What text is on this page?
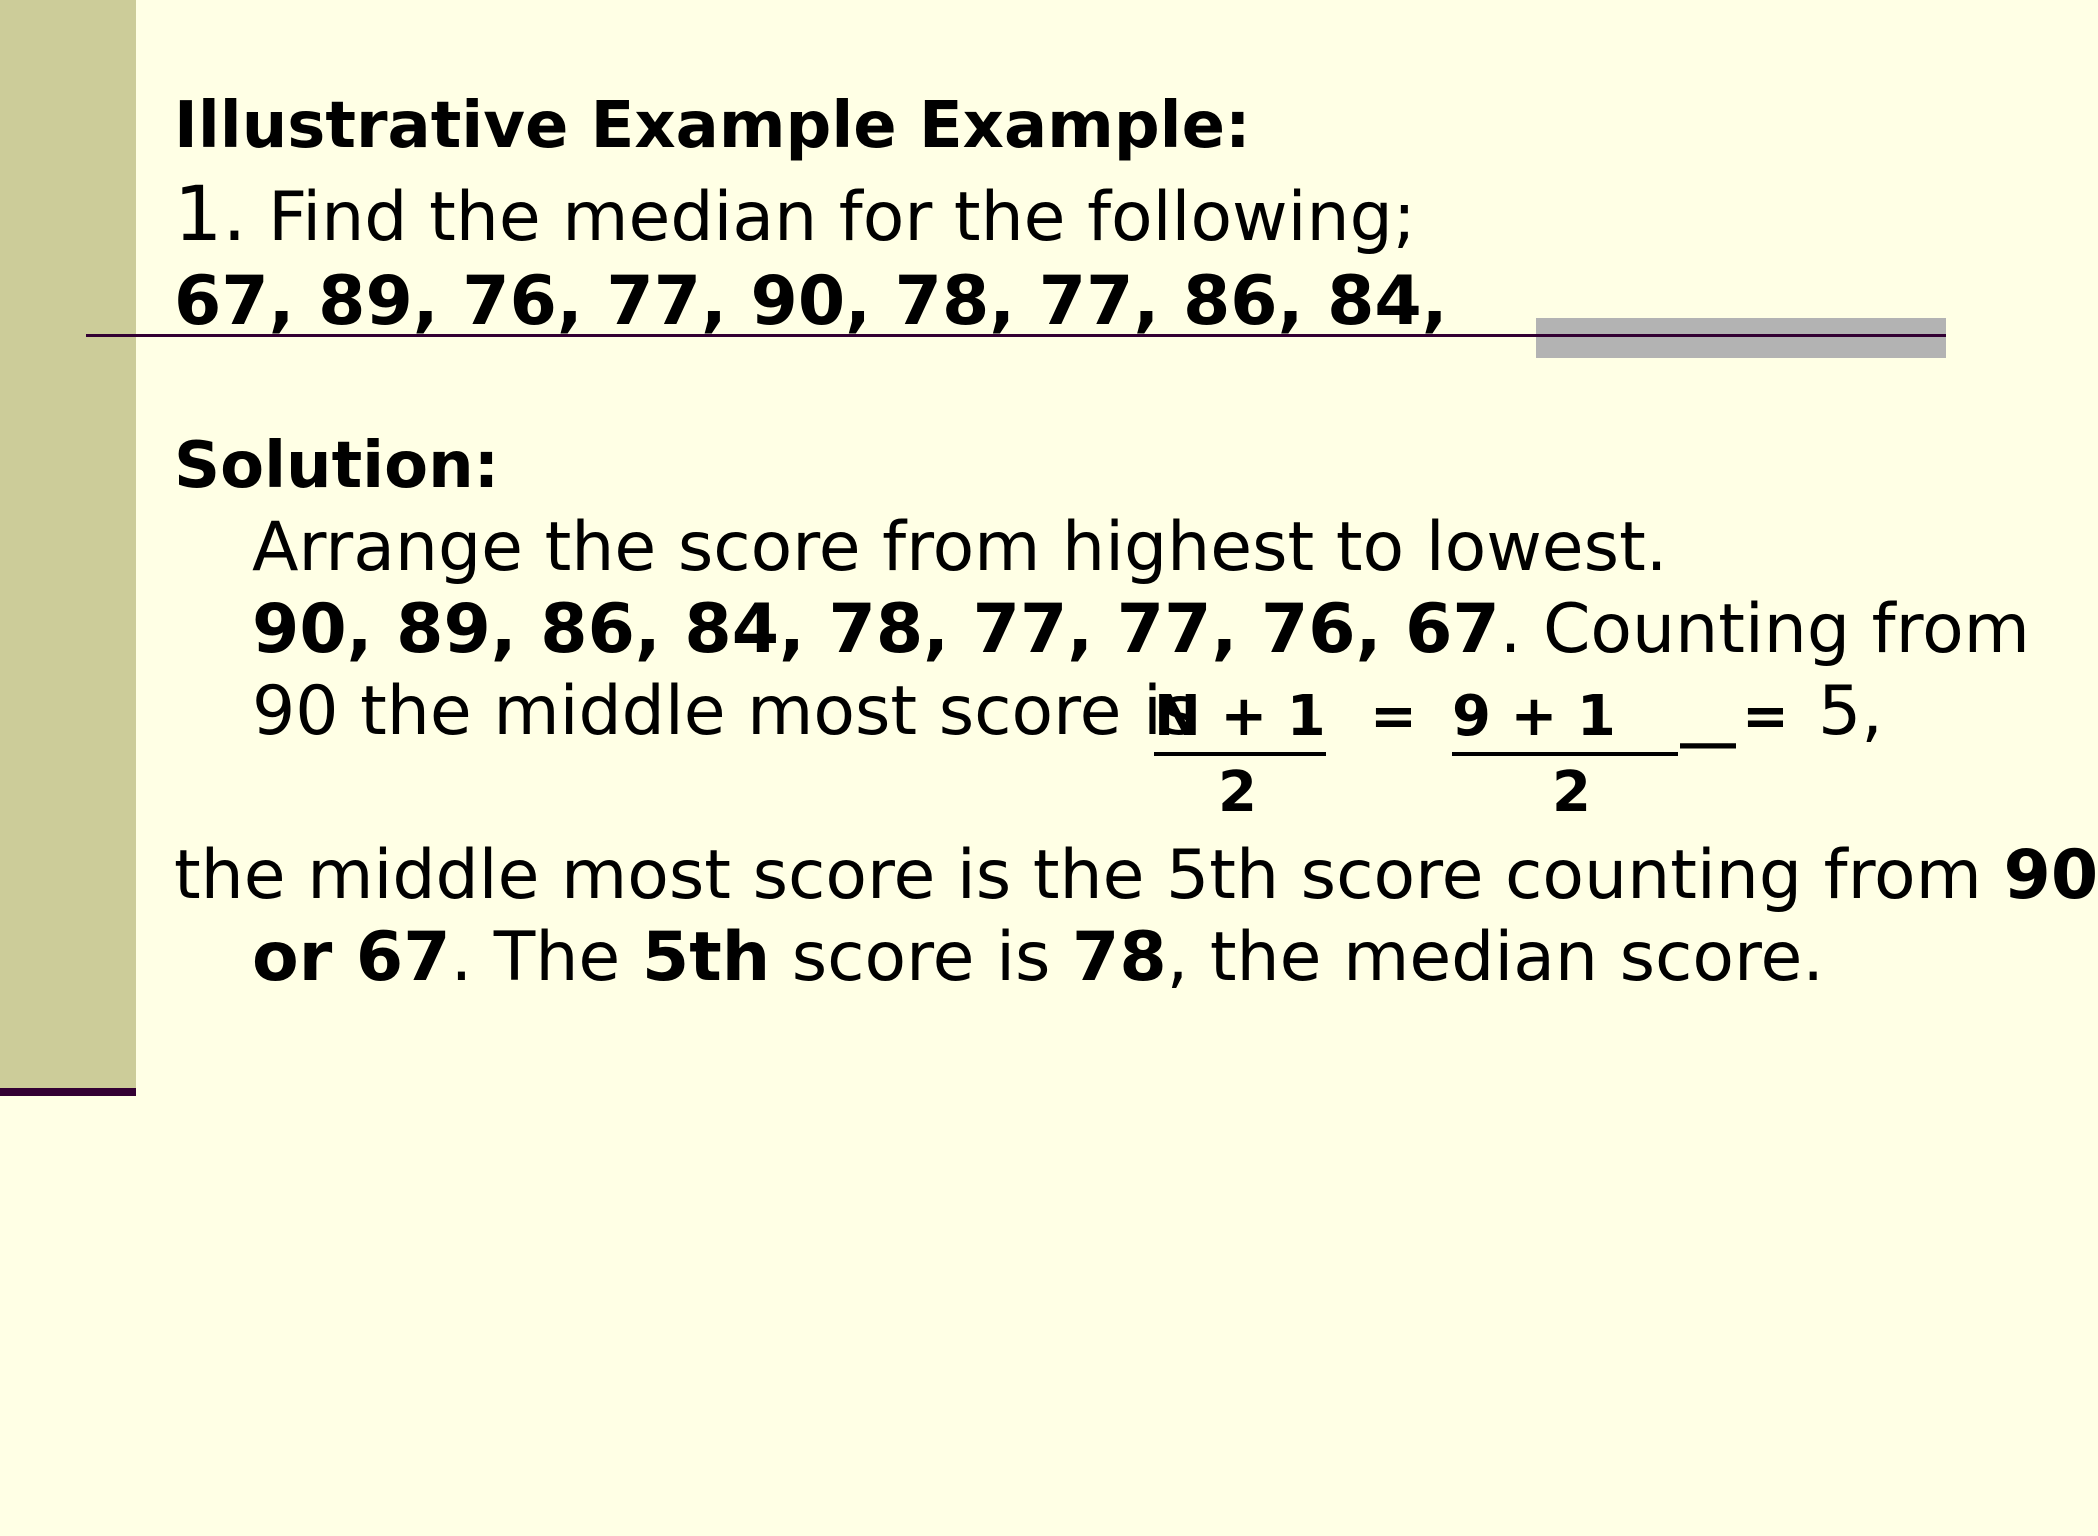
Illustrative Example Example:
1. Find the median for the following;
67, 89, 76, 77, 90, 78, 77, 86, 84,
Solution:
Arrange the score from highest to lowest.
90, 89, 86, 84, 78, 77, 77, 76, 67. Counting from
90 the middle most score is
N + 1 = 9 + 1	__ = 5,
2	2
the middle most score is the 5th score counting from 90
or 67. The 5th score is 78, the median score.
